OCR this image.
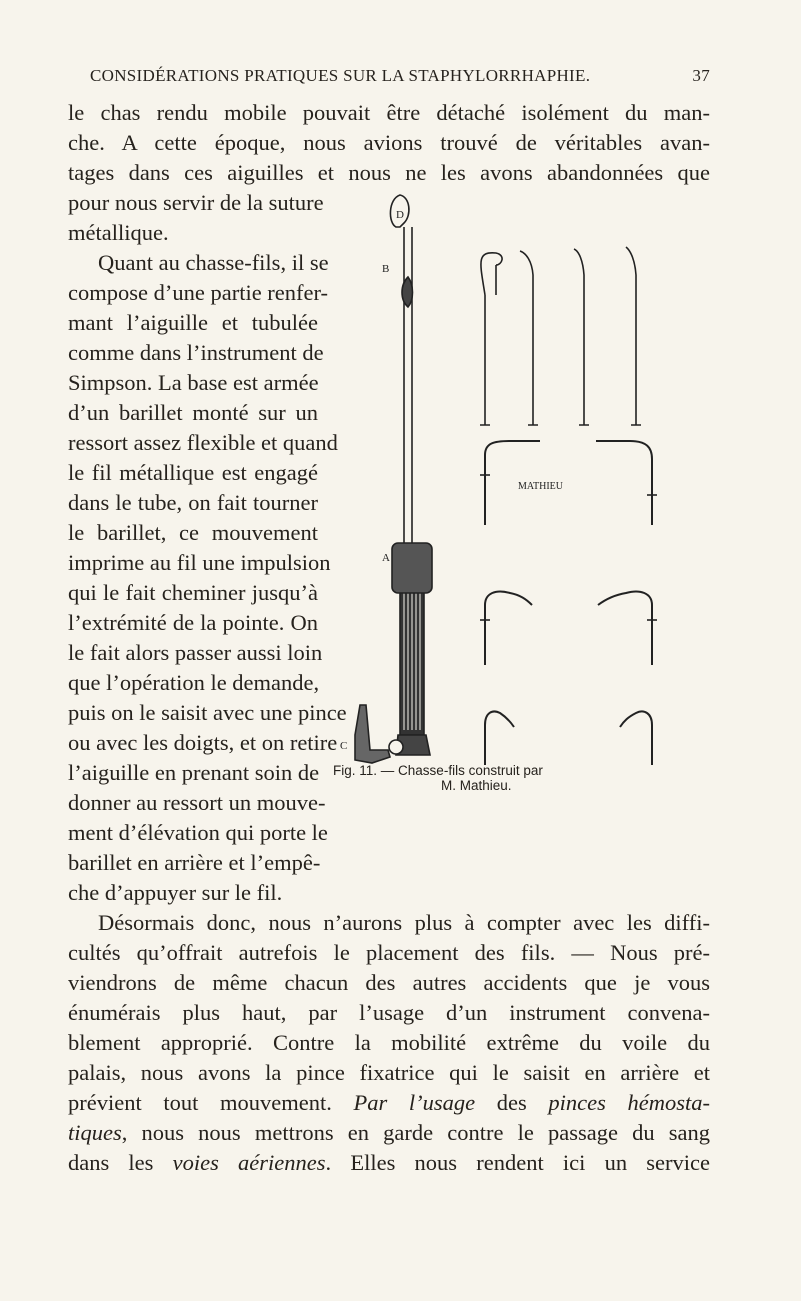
CONSIDÉRATIONS PRATIQUES SUR LA STAPHYLORRHAPHIE.	37
le chas rendu mobile pouvait être détaché isolément du man-
che. A cette époque, nous avions trouvé de véritables avan-
tages dans ces aiguilles et nous ne les avons abandonnées que
pour nous servir de la suture
métallique.
Quant au chasse-fils, il se
compose d’une partie renfer-
mant l’aiguille et tubulée
comme dans l’instrument de
Simpson. La base est armée
d’un barillet monté sur un
ressort assez flexible et quand
le fil métallique est engagé
dans le tube, on fait tourner
le barillet, ce mouvement
imprime au fil une impulsion
qui le fait cheminer jusqu’à
l’extrémité de la pointe. On
le fait alors passer aussi loin
que l’opération le demande,
puis on le saisit avec une pince
ou avec les doigts, et on retire
l’aiguille en prenant soin de
donner au ressort un mouve-
ment d’élévation qui porte le
barillet en arrière et l’empê-
che d’appuyer sur le fil.
Désormais donc, nous n’aurons plus à compter avec les diffi-
cultés qu’offrait autrefois le placement des fils. — Nous pré-
viendrons de même chacun des autres accidents que je vous
énumérais plus haut, par l’usage d’un instrument convena-
blement approprié. Contre la mobilité extrême du voile du
palais, nous avons la pince fixatrice qui le saisit en arrière et
prévient tout mouvement. Par l’usage des pinces hémosta-
tiques, nous nous mettrons en garde contre le passage du sang
dans les voies aériennes. Elles nous rendent ici un service
D
B
A
C
MATHIEU
Fig. 11. — Chasse-fils construit par
M. Mathieu.
